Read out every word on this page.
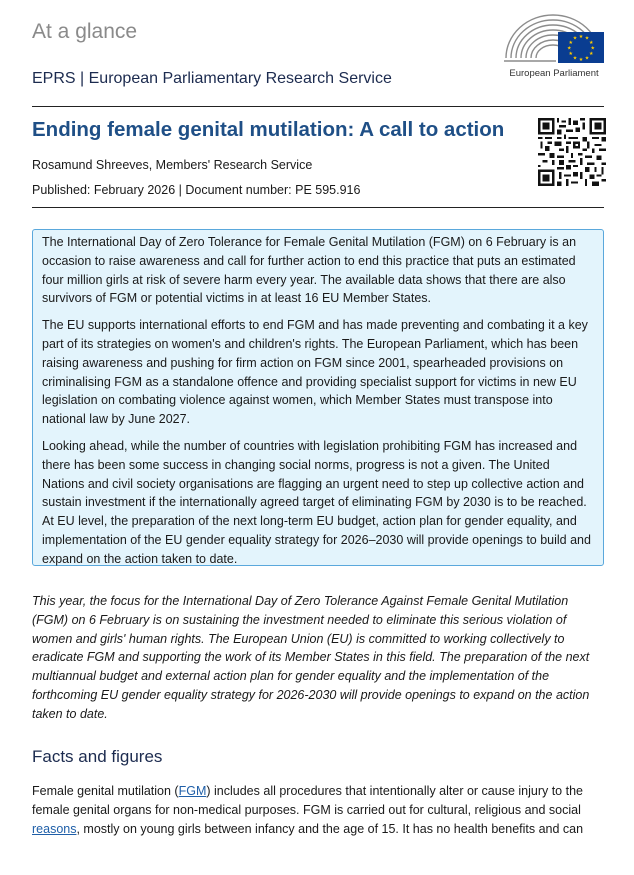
At a glance	★ ★
★
★
★
★
★
★
★
★
★
★
European Parliament
EPRS | European Parliamentary Research Service
Ending female genital mutilation: A call to action
Rosamund Shreeves, Members' Research Service
Published: February 2026 | Document number: PE 595.916

The International Day of Zero Tolerance for Female Genital Mutilation (FGM) on 6 February is an occasion to raise awareness and call for further action to end this practice that puts an estimated four million girls at risk of severe harm every year. The available data shows that there are also survivors of FGM or potential victims in at least 16 EU Member States.

The EU supports international efforts to end FGM and has made preventing and combating it a key part of its strategies on women's and children's rights. The European Parliament, which has been raising awareness and pushing for firm action on FGM since 2001, spearheaded provisions on criminalising FGM as a standalone offence and providing specialist support for victims in new EU legislation on combating violence against women, which Member States must transpose into national law by June 2027.

Looking ahead, while the number of countries with legislation prohibiting FGM has increased and there has been some success in changing social norms, progress is not a given. The United Nations and civil society organisations are flagging an urgent need to step up collective action and sustain investment if the internationally agreed target of eliminating FGM by 2030 is to be reached. At EU level, the preparation of the next long-term EU budget, action plan for gender equality, and implementation of the EU gender equality strategy for 2026–2030 will provide openings to build and expand on the action taken to date.

This year, the focus for the International Day of Zero Tolerance Against Female Genital Mutilation (FGM) on 6 February is on sustaining the investment needed to eliminate this serious violation of women and girls' human rights. The European Union (EU) is committed to working collectively to eradicate FGM and supporting the work of its Member States in this field. The preparation of the next multiannual budget and external action plan for gender equality and the implementation of the forthcoming EU gender equality strategy for 2026-2030 will provide openings to expand on the action taken to date.

Facts and figures

Female genital mutilation (FGM) includes all procedures that intentionally alter or cause injury to the female genital organs for non-medical purposes. FGM is carried out for cultural, religious and social reasons, mostly on young girls between infancy and the age of 15. It has no health benefits and can
